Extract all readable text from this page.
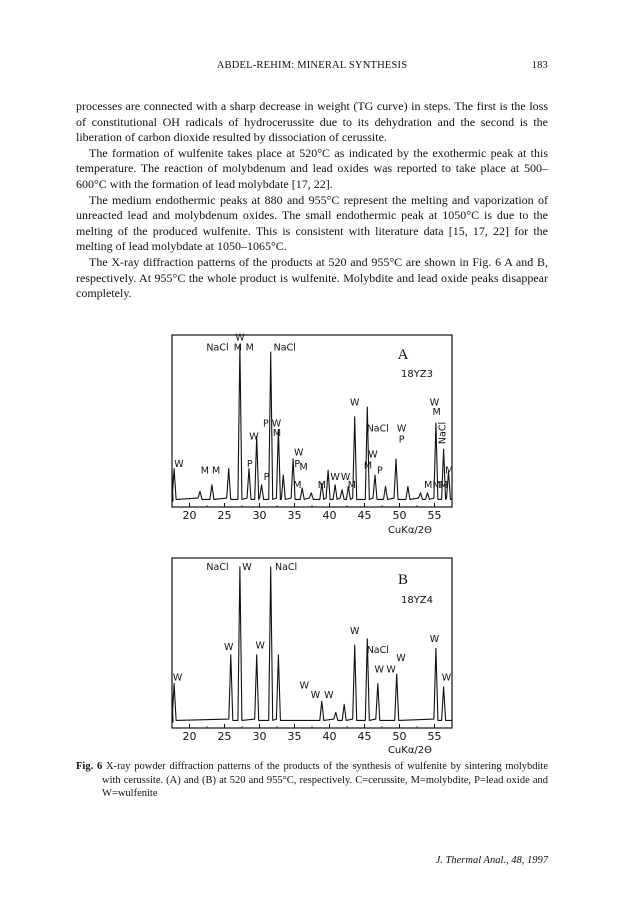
ABDEL-REHIM: MINERAL SYNTHESIS	183

processes are connected with a sharp decrease in weight (TG curve) in steps. The first is the loss of constitutional OH radicals of hydrocerussite due to its dehydration and the second is the liberation of carbon dioxide resulted by dissociation of cerussite.

The formation of wulfenite takes place at 520°C as indicated by the exothermic peak at this temperature. The reaction of molybdenum and lead oxides was reported to take place at 500–600°C with the formation of lead molybdate [17, 22].

The medium endothermic peaks at 880 and 955°C represent the melting and vaporization of unreacted lead and molybdenum oxides. The small endothermic peak at 1050°C is due to the melting of the produced wulfenite. This is consistent with literature data [15, 17, 22] for the melting of lead molybdate at 1050–1065°C.

The X-ray diffraction patterns of the products at 520 and 955°C are shown in Fig. 6 A and B, respectively. At 955°C the whole product is wulfenite. Molybdite and lead oxide peaks disappear completely.

20 25 30 35 40 45 50 55
W
NaCl M M NaCl
W	W
M
P W
M
W
NaCl W
P
W
P M
W
M P
W
M M
P
P	W W
M M M	M M
M
M
NaCl
A
18YZ3
CuKα/2Θ
20 25 30 35 40 45 50 55
NaCl W NaCl
W
W
W W	NaCl
W
W W
W
W
W W
W
B
18YZ4
CuKα/2Θ
Fig. 6 X-ray powder diffraction patterns of the products of the synthesis of wulfenite by sintering molybdite with cerussite. (A) and (B) at 520 and 955°C, respectively. C=cerussite, M=molybdite, P=lead oxide and W=wulfenite
J. Thermal Anal., 48, 1997
